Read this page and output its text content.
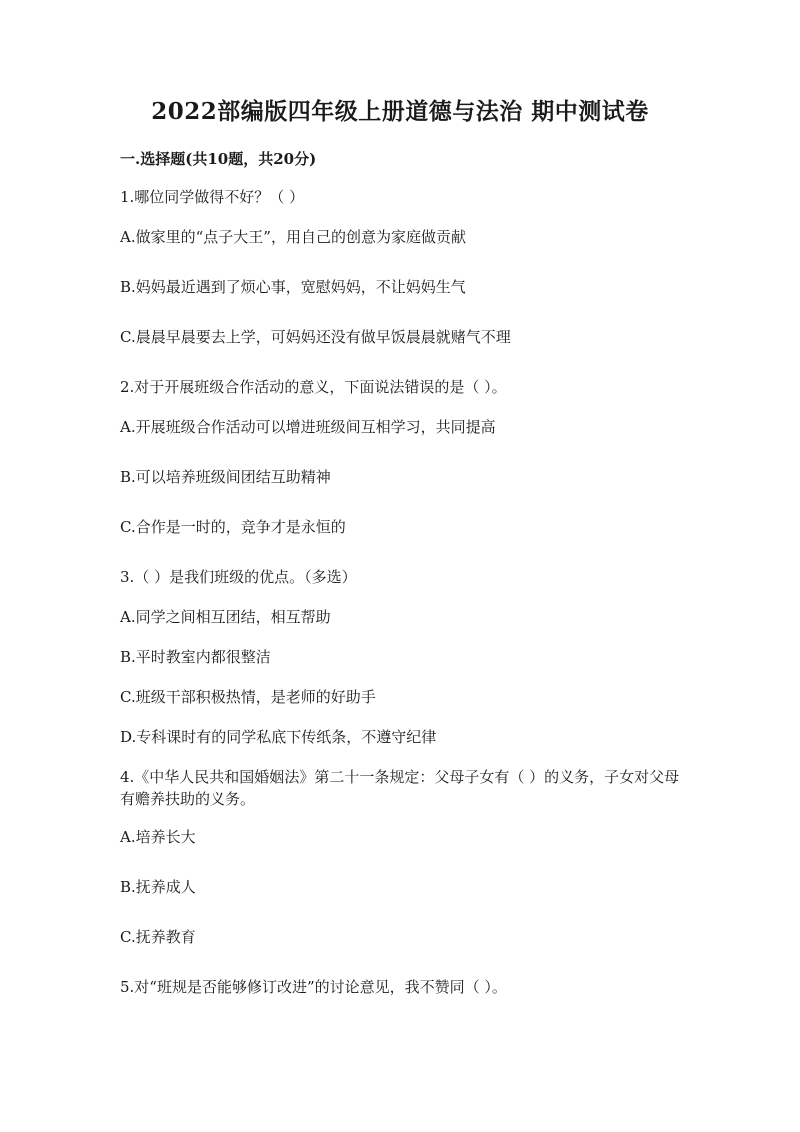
2022部编版四年级上册道德与法治 期中测试卷
一.选择题(共10题，共20分)
1.哪位同学做得不好？（ ）
A.做家里的“点子大王”，用自己的创意为家庭做贡献
B.妈妈最近遇到了烦心事，宽慰妈妈，不让妈妈生气
C.晨晨早晨要去上学，可妈妈还没有做早饭晨晨就赌气不理
2.对于开展班级合作活动的意义，下面说法错误的是（ ）。
A.开展班级合作活动可以增进班级间互相学习，共同提高
B.可以培养班级间团结互助精神
C.合作是一时的，竞争才是永恒的
3.（ ）是我们班级的优点。（多选）
A.同学之间相互团结，相互帮助
B.平时教室内都很整洁
C.班级干部积极热情，是老师的好助手
D.专科课时有的同学私底下传纸条，不遵守纪律
4.《中华人民共和国婚姻法》第二十一条规定：父母子女有（ ）的义务，子女对父母有赡养扶助的义务。
A.培养长大
B.抚养成人
C.抚养教育
5.对“班规是否能够修订改进”的讨论意见，我不赞同（ ）。
